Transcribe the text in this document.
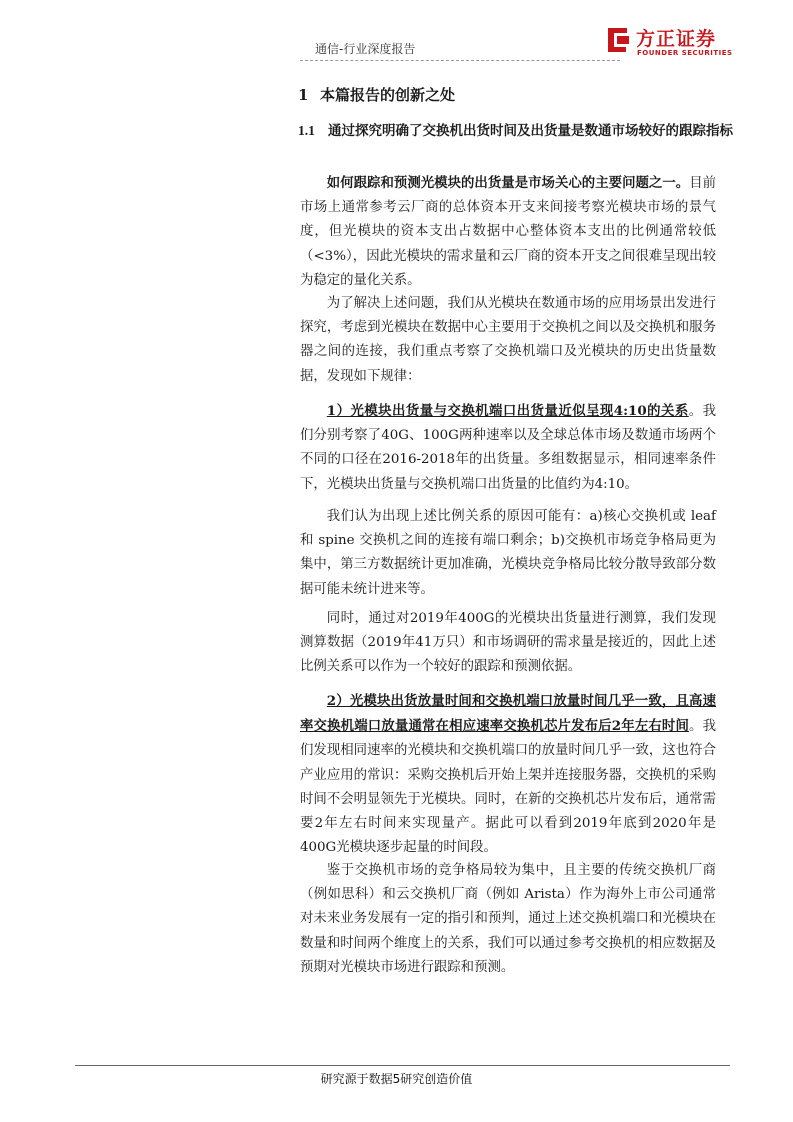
通信-行业深度报告	方正证券
FOUNDER SECURITIES
1 本篇报告的创新之处
1.1 通过探究明确了交换机出货时间及出货量是数通市场较好的跟踪指标

如何跟踪和预测光模块的出货量是市场关心的主要问题之一。目前市场上通常参考云厂商的总体资本开支来间接考察光模块市场的景气度，但光模块的资本支出占数据中心整体资本支出的比例通常较低（<3%），因此光模块的需求量和云厂商的资本开支之间很难呈现出较为稳定的量化关系。

为了解决上述问题，我们从光模块在数通市场的应用场景出发进行探究，考虑到光模块在数据中心主要用于交换机之间以及交换机和服务器之间的连接，我们重点考察了交换机端口及光模块的历史出货量数据，发现如下规律：

1）光模块出货量与交换机端口出货量近似呈现4:10的关系。我们分别考察了40G、100G两种速率以及全球总体市场及数通市场两个不同的口径在2016-2018年的出货量。多组数据显示，相同速率条件下，光模块出货量与交换机端口出货量的比值约为4:10。

我们认为出现上述比例关系的原因可能有：a)核心交换机或 leaf 和 spine 交换机之间的连接有端口剩余；b)交换机市场竞争格局更为集中，第三方数据统计更加准确，光模块竞争格局比较分散导致部分数据可能未统计进来等。

同时，通过对2019年400G的光模块出货量进行测算，我们发现测算数据（2019年41万只）和市场调研的需求量是接近的，因此上述比例关系可以作为一个较好的跟踪和预测依据。

2）光模块出货放量时间和交换机端口放量时间几乎一致，且高速率交换机端口放量通常在相应速率交换机芯片发布后2年左右时间。我们发现相同速率的光模块和交换机端口的放量时间几乎一致，这也符合产业应用的常识：采购交换机后开始上架并连接服务器，交换机的采购时间不会明显领先于光模块。同时，在新的交换机芯片发布后，通常需要2年左右时间来实现量产。据此可以看到2019年底到2020年是400G光模块逐步起量的时间段。

鉴于交换机市场的竞争格局较为集中，且主要的传统交换机厂商（例如思科）和云交换机厂商（例如 Arista）作为海外上市公司通常对未来业务发展有一定的指引和预判，通过上述交换机端口和光模块在数量和时间两个维度上的关系，我们可以通过参考交换机的相应数据及预期对光模块市场进行跟踪和预测。

研究源于数据5研究创造价值
